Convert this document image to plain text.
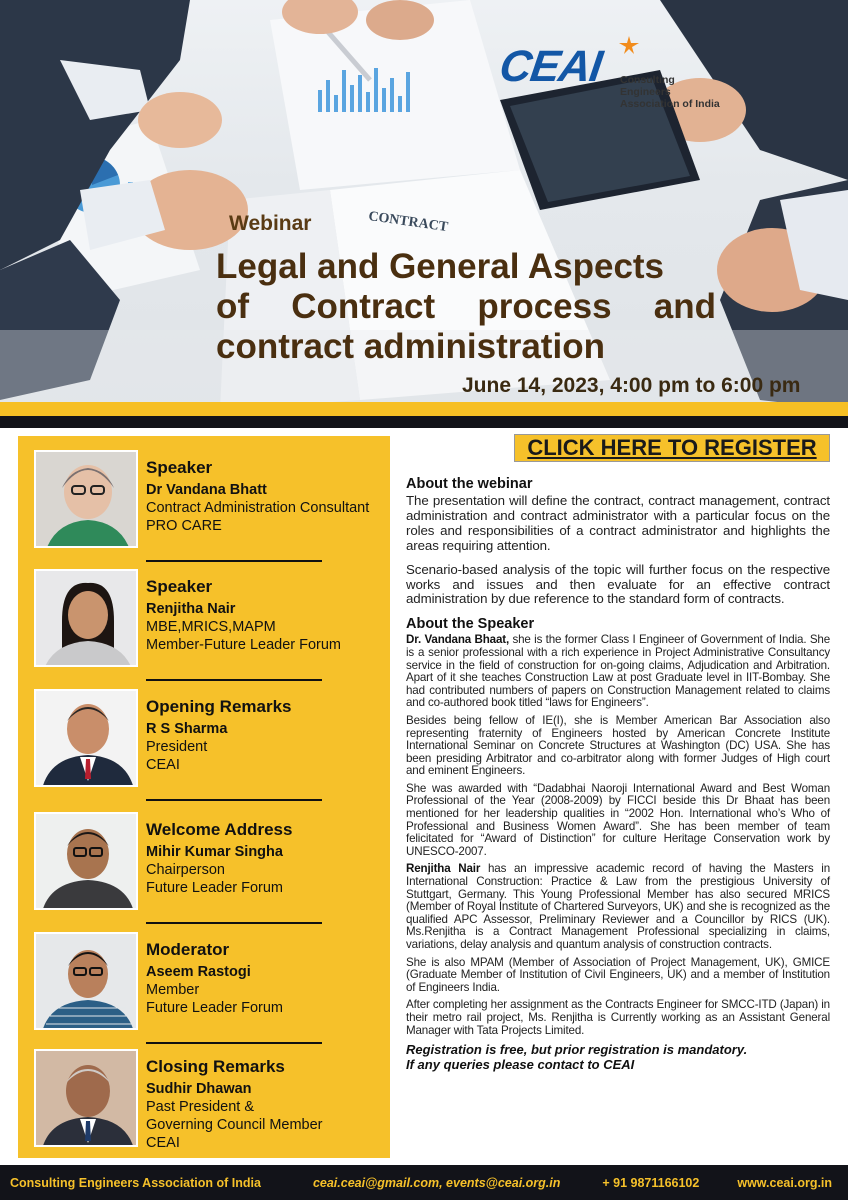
CONTRACT
CEAI Consulting Engineers
Association of India
Webinar
Legal and General Aspects
of Contract process and
contract administration
June 14, 2023, 4:00 pm to 6:00 pm
Speaker
Dr Vandana Bhatt
Contract Administration Consultant
PRO CARE
Speaker
Renjitha Nair
MBE,MRICS,MAPM
Member-Future Leader Forum
Opening Remarks
R S Sharma
President
CEAI
Welcome Address
Mihir Kumar Singha
Chairperson
Future Leader Forum
Moderator
Aseem Rastogi
Member
Future Leader Forum
Closing Remarks
Sudhir Dhawan
Past President &
Governing Council Member
CEAI
CLICK HERE TO REGISTER
About the webinar

The presentation will define the contract, contract management, contract administration and contract administrator with a particular focus on the roles and responsibilities of a contract administrator and highlights the areas requiring attention.

Scenario-based analysis of the topic will further focus on the respective works and issues and then evaluate for an effective contract administration by due reference to the standard form of contracts.

About the Speaker

Dr. Vandana Bhaat, she is the former Class I Engineer of Government of India. She is a senior professional with a rich experience in Project Administrative Consultancy service in the field of construction for on-going claims, Adjudication and Arbitration. Apart of it she teaches Construction Law at post Graduate level in IIT-Bombay. She had contributed numbers of papers on Construction Management related to claims and co-authored book titled “laws for Engineers”.

Besides being fellow of IE(I), she is Member American Bar Association also representing fraternity of Engineers hosted by American Concrete Institute International Seminar on Concrete Structures at Washington (DC) USA. She has been presiding Arbitrator and co-arbitrator along with former Judges of High court and eminent Engineers.

She was awarded with “Dadabhai Naoroji International Award and Best Woman Professional of the Year (2008-2009) by FICCI beside this Dr Bhaat has been mentioned for her leadership qualities in “2002 Hon. International who’s Who of Professional and Business Women Award”. She has been member of team felicitated for “Award of Distinction” for culture Heritage Conservation work by UNESCO-2007.

Renjitha Nair has an impressive academic record of having the Masters in International Construction: Practice & Law from the prestigious University of Stuttgart, Germany. This Young Professional Member has also secured MRICS (Member of Royal Institute of Chartered Surveyors, UK) and she is recognized as the qualified APC Assessor, Preliminary Reviewer and a Councillor by RICS (UK). Ms.Renjitha is a Contract Management Professional specializing in claims, variations, delay analysis and quantum analysis of construction contracts.

She is also MPAM (Member of Association of Project Management, UK), GMICE (Graduate Member of Institution of Civil Engineers, UK) and a member of Institution of Engineers India.

After completing her assignment as the Contracts Engineer for SMCC-ITD (Japan) in their metro rail project, Ms. Renjitha is Currently working as an Assistant General Manager with Tata Projects Limited.

Registration is free, but prior registration is mandatory.
If any queries please contact to CEAI
Consulting Engineers Association of India	ceai.ceai@gmail.com, events@ceai.org.in	+ 91 9871166102	www.ceai.org.in
